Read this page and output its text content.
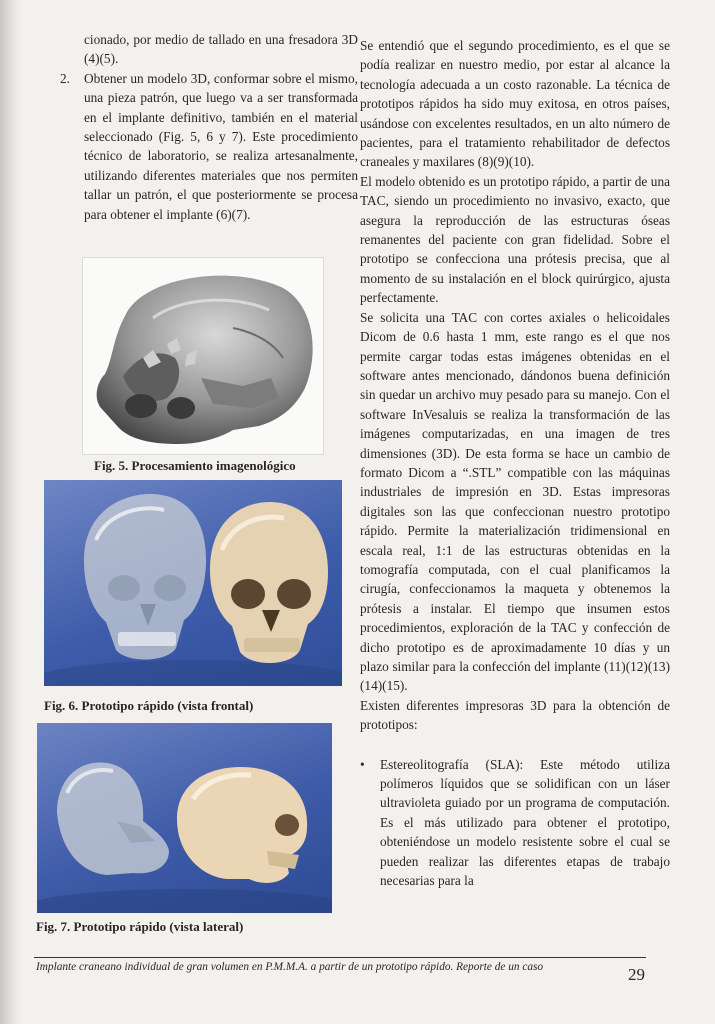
cionado, por medio de tallado en una fresadora 3D (4)(5).

2. Obtener un modelo 3D, conformar sobre el mismo, una pieza patrón, que luego va a ser transformada en el implante definitivo, también en el material seleccionado (Fig. 5, 6 y 7). Este procedimiento técnico de laboratorio, se realiza artesanalmente, utilizando diferentes materiales que nos permiten tallar un patrón, el que posteriormente se procesa para obtener el implante (6)(7).
Fig. 5. Procesamiento imagenológico
Fig. 6. Prototipo rápido (vista frontal)
Fig. 7. Prototipo rápido (vista lateral)

Se entendió que el segundo procedimiento, es el que se podía realizar en nuestro medio, por estar al alcance la tecnología adecuada a un costo razonable. La técnica de prototipos rápidos ha sido muy exitosa, en otros países, usándose con excelentes resultados, en un alto número de pacientes, para el tratamiento rehabilitador de defectos craneales y maxilares (8)(9)(10).

El modelo obtenido es un prototipo rápido, a partir de una TAC, siendo un procedimiento no invasivo, exacto, que asegura la reproducción de las estructuras óseas remanentes del paciente con gran fidelidad. Sobre el prototipo se confecciona una prótesis precisa, que al momento de su instalación en el block quirúrgico, ajusta perfectamente.

Se solicita una TAC con cortes axiales o helicoidales Dicom de 0.6 hasta 1 mm, este rango es el que nos permite cargar todas estas imágenes obtenidas en el software antes mencionado, dándonos buena definición sin quedar un archivo muy pesado para su manejo. Con el software InVesaluis se realiza la transformación de las imágenes computarizadas, en una imagen de tres dimensiones (3D). De esta forma se hace un cambio de formato Dicom a “.STL” compatible con las máquinas industriales de impresión en 3D. Estas impresoras digitales son las que confeccionan nuestro prototipo rápido. Permite la materialización tridimensional en escala real, 1:1 de las estructuras obtenidas en la tomografía computada, con el cual planificamos la cirugía, confeccionamos la maqueta y obtenemos la prótesis a instalar. El tiempo que insumen estos procedimientos, exploración de la TAC y confección de dicho prototipo es de aproximadamente 10 días y un plazo similar para la confección del implante (11)(12)(13)(14)(15).

Existen diferentes impresoras 3D para la obtención de prototipos:

• Estereolitografía (SLA): Este método utiliza polímeros líquidos que se solidifican con un láser ultravioleta guiado por un programa de computación. Es el más utilizado para obtener el prototipo, obteniéndose un modelo resistente sobre el cual se pueden realizar las diferentes etapas de trabajo necesarias para la
Implante craneano individual de gran volumen en P.M.M.A. a partir de un prototipo rápido. Reporte de un caso	29
